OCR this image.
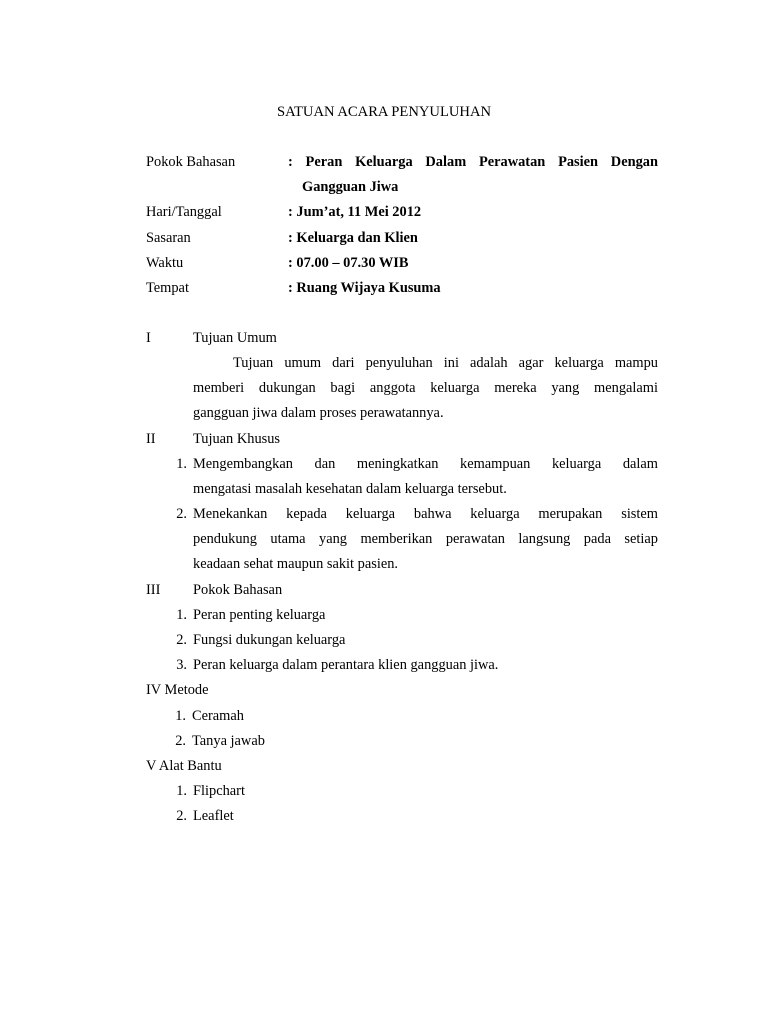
SATUAN ACARA PENYULUHAN
Pokok Bahasan	: Peran Keluarga Dalam Perawatan Pasien Dengan
Gangguan Jiwa
Hari/Tanggal	: Jum’at, 11 Mei 2012
Sasaran	: Keluarga dan Klien
Waktu	: 07.00 – 07.30 WIB
Tempat	: Ruang Wijaya Kusuma
I	Tujuan Umum
Tujuan umum dari penyuluhan ini adalah agar keluarga mampu
memberi dukungan bagi anggota keluarga mereka yang mengalami
gangguan jiwa dalam proses perawatannya.
II	Tujuan Khusus
1. Mengembangkan dan meningkatkan kemampuan keluarga dalam
mengatasi masalah kesehatan dalam keluarga tersebut.
2. Menekankan kepada keluarga bahwa keluarga merupakan sistem
pendukung utama yang memberikan perawatan langsung pada setiap
keadaan sehat maupun sakit pasien.
III Pokok Bahasan
1. Peran penting keluarga
2. Fungsi dukungan keluarga
3. Peran keluarga dalam perantara klien gangguan jiwa.
IV Metode
1. Ceramah
2. Tanya jawab
V Alat Bantu
1. Flipchart
2. Leaflet
